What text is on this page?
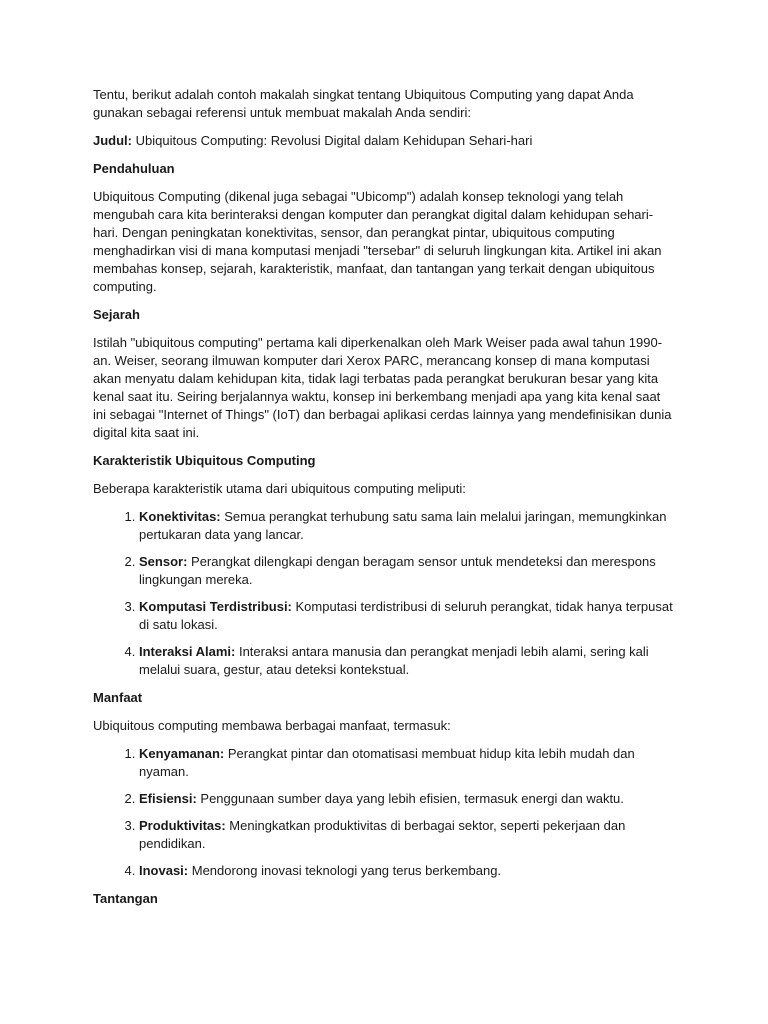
Tentu, berikut adalah contoh makalah singkat tentang Ubiquitous Computing yang dapat Anda gunakan sebagai referensi untuk membuat makalah Anda sendiri:

Judul: Ubiquitous Computing: Revolusi Digital dalam Kehidupan Sehari-hari

Pendahuluan

Ubiquitous Computing (dikenal juga sebagai "Ubicomp") adalah konsep teknologi yang telah mengubah cara kita berinteraksi dengan komputer dan perangkat digital dalam kehidupan sehari-hari. Dengan peningkatan konektivitas, sensor, dan perangkat pintar, ubiquitous computing menghadirkan visi di mana komputasi menjadi "tersebar" di seluruh lingkungan kita. Artikel ini akan membahas konsep, sejarah, karakteristik, manfaat, dan tantangan yang terkait dengan ubiquitous computing.

Sejarah

Istilah "ubiquitous computing" pertama kali diperkenalkan oleh Mark Weiser pada awal tahun 1990-an. Weiser, seorang ilmuwan komputer dari Xerox PARC, merancang konsep di mana komputasi akan menyatu dalam kehidupan kita, tidak lagi terbatas pada perangkat berukuran besar yang kita kenal saat itu. Seiring berjalannya waktu, konsep ini berkembang menjadi apa yang kita kenal saat ini sebagai "Internet of Things" (IoT) dan berbagai aplikasi cerdas lainnya yang mendefinisikan dunia digital kita saat ini.

Karakteristik Ubiquitous Computing

Beberapa karakteristik utama dari ubiquitous computing meliputi:

1. Konektivitas: Semua perangkat terhubung satu sama lain melalui jaringan, memungkinkan pertukaran data yang lancar.
2. Sensor: Perangkat dilengkapi dengan beragam sensor untuk mendeteksi dan merespons lingkungan mereka.
3. Komputasi Terdistribusi: Komputasi terdistribusi di seluruh perangkat, tidak hanya terpusat di satu lokasi.
4. Interaksi Alami: Interaksi antara manusia dan perangkat menjadi lebih alami, sering kali melalui suara, gestur, atau deteksi kontekstual.

Manfaat

Ubiquitous computing membawa berbagai manfaat, termasuk:

1. Kenyamanan: Perangkat pintar dan otomatisasi membuat hidup kita lebih mudah dan nyaman.
2. Efisiensi: Penggunaan sumber daya yang lebih efisien, termasuk energi dan waktu.
3. Produktivitas: Meningkatkan produktivitas di berbagai sektor, seperti pekerjaan dan pendidikan.
4. Inovasi: Mendorong inovasi teknologi yang terus berkembang.

Tantangan
